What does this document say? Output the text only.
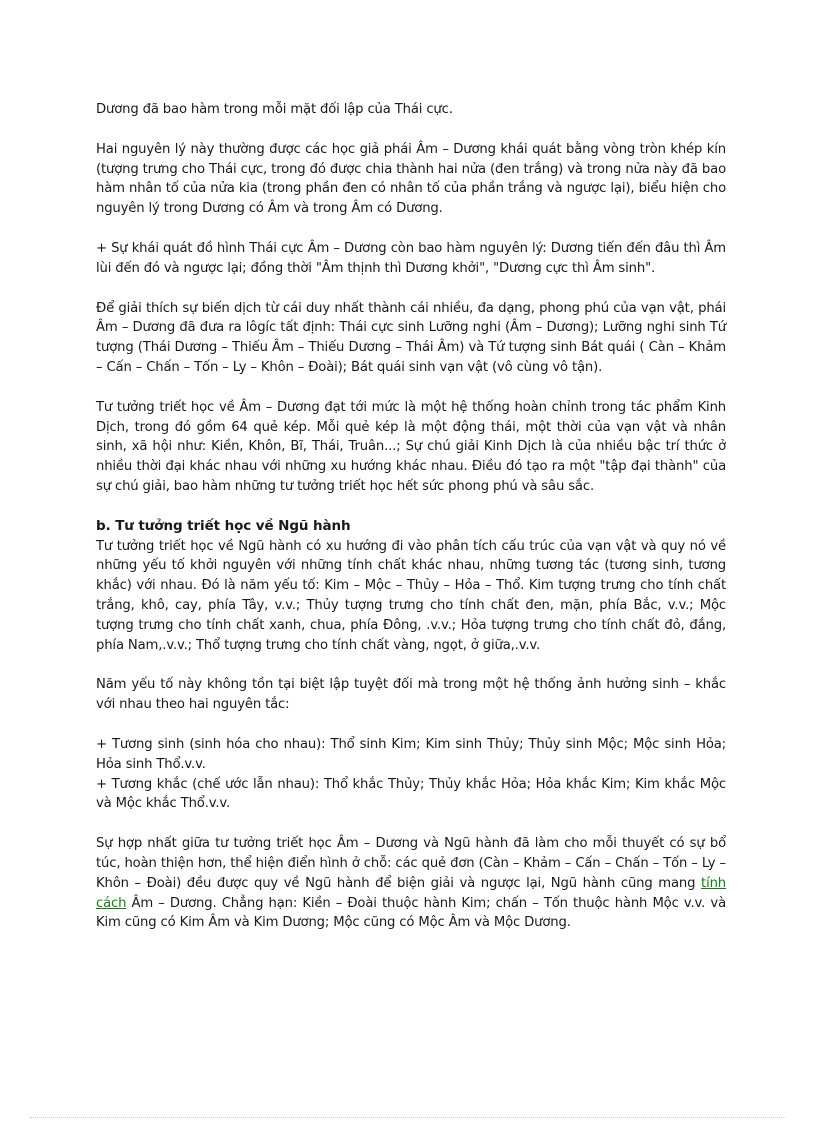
Dương đã bao hàm trong mỗi mặt đối lập của Thái cực.

Hai nguyên lý này thường được các học giả phái Âm – Dương khái quát bằng vòng tròn khép kín (tượng trưng cho Thái cực, trong đó được chia thành hai nửa (đen trắng) và trong nửa này đã bao hàm nhân tố của nửa kia (trong phần đen có nhân tố của phần trắng và ngược lại), biểu hiện cho nguyên lý trong Dương có Âm và trong Âm có Dương.

+ Sự khái quát đồ hình Thái cực Âm – Dương còn bao hàm nguyên lý: Dương tiến đến đâu thì Âm lùi đến đó và ngược lại; đồng thời "Âm thịnh thì Dương khởi", "Dương cực thì Âm sinh".

Để giải thích sự biến dịch từ cái duy nhất thành cái nhiều, đa dạng, phong phú của vạn vật, phái Âm – Dương đã đưa ra lôgíc tất định: Thái cực sinh Lưỡng nghi (Âm – Dương); Lưỡng nghi sinh Tứ tượng (Thái Dương – Thiếu Âm – Thiếu Dương – Thái Âm) và Tứ tượng sinh Bát quái ( Càn – Khảm – Cấn – Chấn – Tốn – Ly – Khôn – Đoài); Bát quái sinh vạn vật (vô cùng vô tận).

Tư tưởng triết học về Âm – Dương đạt tới mức là một hệ thống hoàn chỉnh trong tác phẩm Kinh Dịch, trong đó gồm 64 quẻ kép. Mỗi quẻ kép là một động thái, một thời của vạn vật và nhân sinh, xã hội như: Kiền, Khôn, Bĩ, Thái, Truân...; Sự chú giải Kinh Dịch là của nhiều bậc trí thức ở nhiều thời đại khác nhau với những xu hướng khác nhau. Điều đó tạo ra một "tập đại thành" của sự chú giải, bao hàm những tư tưởng triết học hết sức phong phú và sâu sắc.

b. Tư tưởng triết học về Ngũ hành

Tư tưởng triết học về Ngũ hành có xu hướng đi vào phân tích cấu trúc của vạn vật và quy nó về những yếu tố khởi nguyên với những tính chất khác nhau, những tương tác (tương sinh, tương khắc) với nhau. Đó là năm yếu tố: Kim – Mộc – Thủy – Hỏa – Thổ. Kim tượng trưng cho tính chất trắng, khô, cay, phía Tây, v.v.; Thủy tượng trưng cho tính chất đen, mặn, phía Bắc, v.v.; Mộc tượng trưng cho tính chất xanh, chua, phía Đông, .v.v.; Hỏa tượng trưng cho tính chất đỏ, đắng, phía Nam,.v.v.; Thổ tượng trưng cho tính chất vàng, ngọt, ở giữa,.v.v.

Năm yếu tố này không tồn tại biệt lập tuyệt đối mà trong một hệ thống ảnh hưởng sinh – khắc với nhau theo hai nguyên tắc:

+ Tương sinh (sinh hóa cho nhau): Thổ sinh Kim; Kim sinh Thủy; Thủy sinh Mộc; Mộc sinh Hỏa; Hỏa sinh Thổ.v.v.

+ Tương khắc (chế ước lẫn nhau): Thổ khắc Thủy; Thủy khắc Hỏa; Hỏa khắc Kim; Kim khắc Mộc và Mộc khắc Thổ.v.v.

Sự hợp nhất giữa tư tưởng triết học Âm – Dương và Ngũ hành đã làm cho mỗi thuyết có sự bổ túc, hoàn thiện hơn, thể hiện điển hình ở chỗ: các quẻ đơn (Càn – Khảm – Cấn – Chấn – Tốn – Ly – Khôn – Đoài) đều được quy về Ngũ hành để biện giải và ngược lại, Ngũ hành cũng mang tính cách Âm – Dương. Chẳng hạn: Kiền – Đoài thuộc hành Kim; chấn – Tốn thuộc hành Mộc v.v. và Kim cũng có Kim Âm và Kim Dương; Mộc cũng có Mộc Âm và Mộc Dương.
